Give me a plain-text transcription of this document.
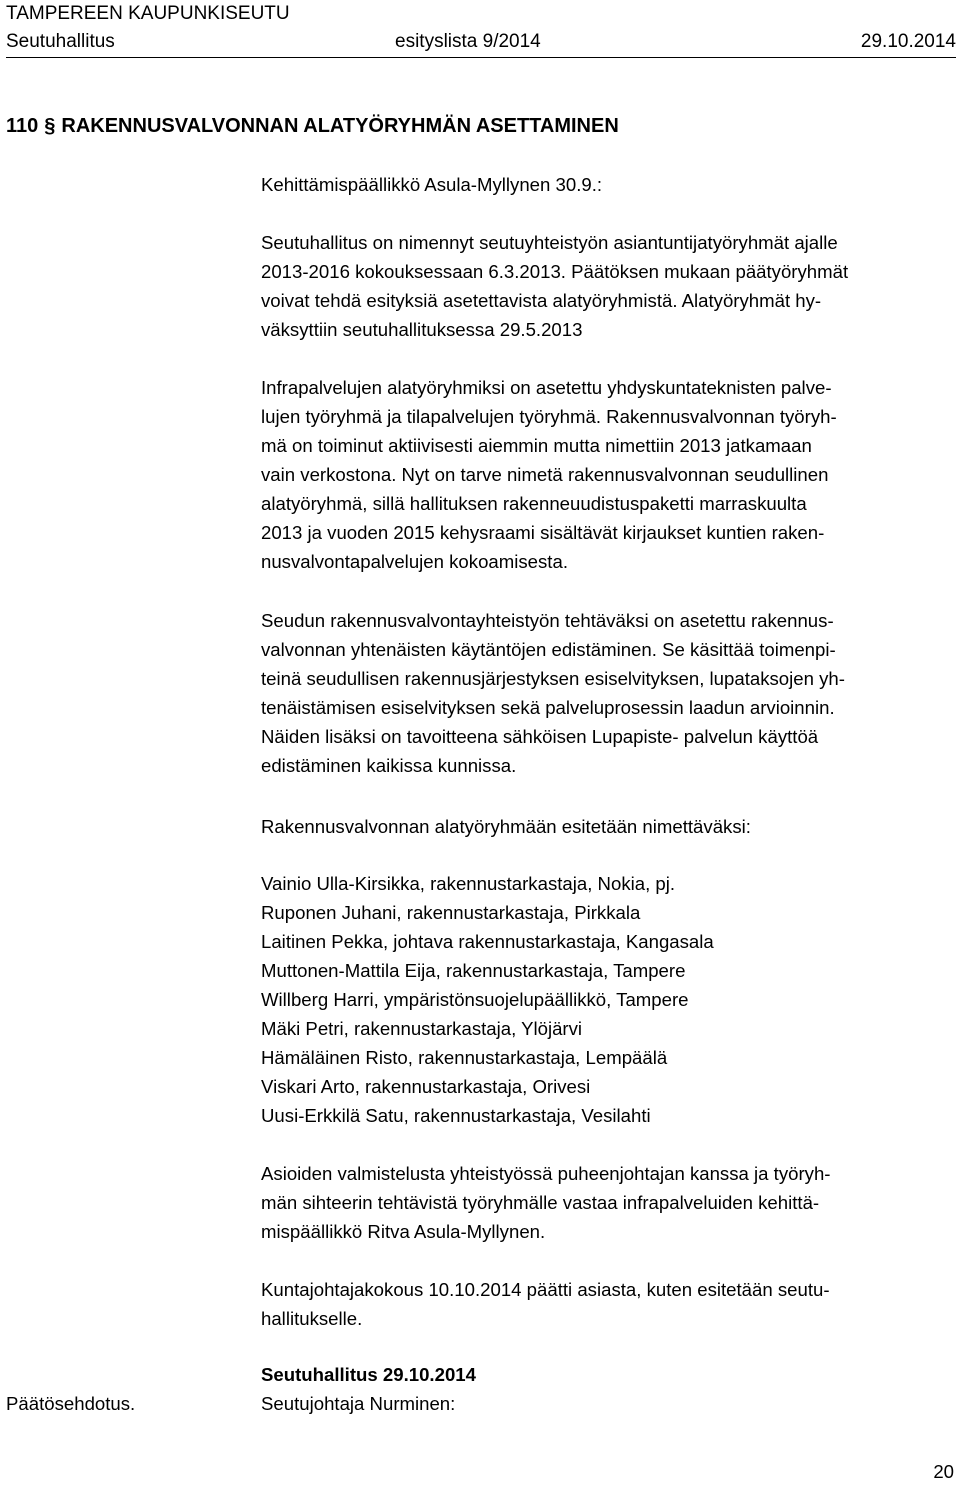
TAMPEREEN KAUPUNKISEUTU
Seutuhallitus	esityslista 9/2014	29.10.2014
110 § RAKENNUSVALVONNAN ALATYÖRYHMÄN ASETTAMINEN
Kehittämispäällikkö Asula-Myllynen 30.9.:
Seutuhallitus on nimennyt seutuyhteistyön asiantuntijatyöryhmät ajalle
2013-2016 kokouksessaan 6.3.2013. Päätöksen mukaan päätyöryhmät
voivat tehdä esityksiä asetettavista alatyöryhmistä. Alatyöryhmät hy-
väksyttiin seutuhallituksessa 29.5.2013
Infrapalvelujen alatyöryhmiksi on asetettu yhdyskuntateknisten palve-
lujen työryhmä ja tilapalvelujen työryhmä. Rakennusvalvonnan työryh-
mä on toiminut aktiivisesti aiemmin mutta nimettiin 2013 jatkamaan
vain verkostona. Nyt on tarve nimetä rakennusvalvonnan seudullinen
alatyöryhmä, sillä hallituksen rakenneuudistuspaketti marraskuulta
2013 ja vuoden 2015 kehysraami sisältävät kirjaukset kuntien raken-
nusvalvontapalvelujen kokoamisesta.
Seudun rakennusvalvontayhteistyön tehtäväksi on asetettu rakennus-
valvonnan yhtenäisten käytäntöjen edistäminen. Se käsittää toimenpi-
teinä seudullisen rakennusjärjestyksen esiselvityksen, lupataksojen yh-
tenäistämisen esiselvityksen sekä palveluprosessin laadun arvioinnin.
Näiden lisäksi on tavoitteena sähköisen Lupapiste- palvelun käyttöä
edistäminen kaikissa kunnissa.
Rakennusvalvonnan alatyöryhmään esitetään nimettäväksi:
Vainio Ulla-Kirsikka, rakennustarkastaja, Nokia, pj.
Ruponen Juhani, rakennustarkastaja, Pirkkala
Laitinen Pekka, johtava rakennustarkastaja, Kangasala
Muttonen-Mattila Eija, rakennustarkastaja, Tampere
Willberg Harri, ympäristönsuojelupäällikkö, Tampere
Mäki Petri, rakennustarkastaja, Ylöjärvi
Hämäläinen Risto, rakennustarkastaja, Lempäälä
Viskari Arto, rakennustarkastaja, Orivesi
Uusi-Erkkilä Satu, rakennustarkastaja, Vesilahti
Asioiden valmistelusta yhteistyössä puheenjohtajan kanssa ja työryh-
män sihteerin tehtävistä työryhmälle vastaa infrapalveluiden kehittä-
mispäällikkö Ritva Asula-Myllynen.
Kuntajohtajakokous 10.10.2014 päätti asiasta, kuten esitetään seutu-
hallitukselle.
Seutuhallitus 29.10.2014
Seutujohtaja Nurminen:
Päätösehdotus.
20
